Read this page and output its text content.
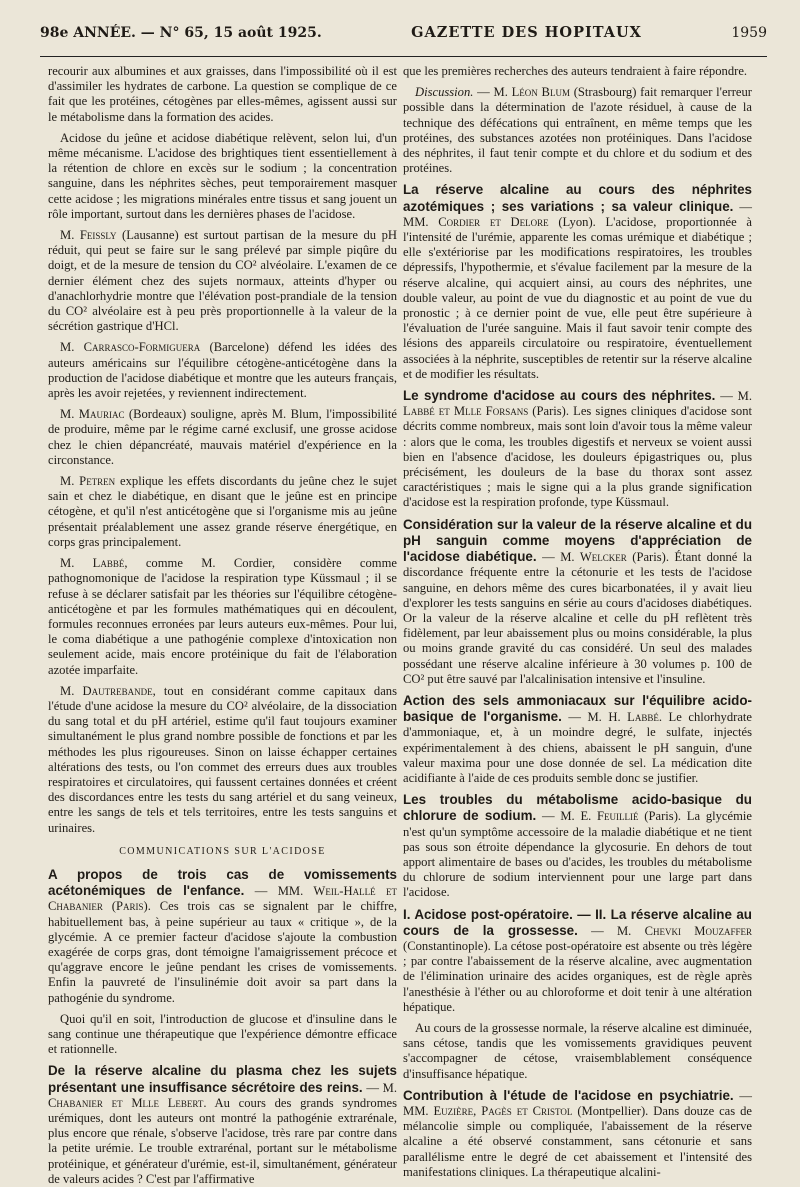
98e ANNÉE. — N° 65, 15 août 1925.	GAZETTE DES HOPITAUX	1959

recourir aux albumines et aux graisses, dans l'impossibilité où il est d'assimiler les hydrates de carbone. La question se complique de ce fait que les protéines, cétogènes par elles-mêmes, agissent aussi sur le métabolisme dans la formation des acides.

Acidose du jeûne et acidose diabétique relèvent, selon lui, d'un même mécanisme. L'acidose des brightiques tient essentiellement à la rétention de chlore en excès sur le sodium ; la concentration sanguine, dans les néphrites sèches, peut temporairement masquer cette acidose ; les migrations minérales entre tissus et sang jouent un rôle important, surtout dans les dernières phases de l'acidose.

M. Feissly (Lausanne) est surtout partisan de la mesure du pH réduit, qui peut se faire sur le sang prélevé par simple piqûre du doigt, et de la mesure de tension du CO² alvéolaire. L'examen de ce dernier élément chez des sujets normaux, atteints d'hyper ou d'anachlorhydrie montre que l'élévation post-prandiale de la tension du CO² alvéolaire est à peu près proportionnelle à la valeur de la sécrétion gastrique d'HCl.

M. Carrasco-Formiguera (Barcelone) défend les idées des auteurs américains sur l'équilibre cétogène-anticétogène dans la production de l'acidose diabétique et montre que les auteurs français, après les avoir rejetées, y reviennent indirectement.

M. Mauriac (Bordeaux) souligne, après M. Blum, l'impossibilité de produire, même par le régime carné exclusif, une grosse acidose chez le chien dépancréaté, mauvais matériel d'expérience en la circonstance.

M. Petren explique les effets discordants du jeûne chez le sujet sain et chez le diabétique, en disant que le jeûne est en principe cétogène, et qu'il n'est anticétogène que si l'organisme mis au jeûne présentait préalablement une assez grande réserve énergétique, en corps gras principalement.

M. Labbé, comme M. Cordier, considère comme pathognomonique de l'acidose la respiration type Küssmaul ; il se refuse à se déclarer satisfait par les théories sur l'équilibre cétogène-anticétogène et par les formules mathématiques qui en découlent, formules reconnues erronées par leurs auteurs eux-mêmes. Pour lui, le coma diabétique a une pathogénie complexe d'intoxication non seulement acide, mais encore protéinique du fait de l'élaboration azotée imparfaite.

M. Dautrebande, tout en considérant comme capitaux dans l'étude d'une acidose la mesure du CO² alvéolaire, de la dissociation du sang total et du pH artériel, estime qu'il faut toujours examiner simultanément le plus grand nombre possible de fonctions et par les méthodes les plus rigoureuses. Sinon on laisse échapper certaines altérations des tests, ou l'on commet des erreurs dues aux troubles respiratoires et circulatoires, qui faussent certaines données et créent des discordances entre les tests du sang artériel et du sang veineux, entre les sangs de tels et tels territoires, entre les tests sanguins et urinaires.

COMMUNICATIONS SUR L'ACIDOSE

A propos de trois cas de vomissements acétonémiques de l'enfance. — MM. Weil-Hallé et Chabanier (Paris). Ces trois cas se signalent par le chiffre, habituellement bas, à peine supérieur au taux « critique », de la glycémie. A ce premier facteur d'acidose s'ajoute la combustion exagérée de corps gras, dont témoigne l'amaigrissement précoce et qu'aggrave encore le jeûne pendant les crises de vomissements. Enfin la pauvreté de l'insulinémie doit avoir sa part dans la pathogénie du syndrome.

Quoi qu'il en soit, l'introduction de glucose et d'insuline dans le sang continue une thérapeutique que l'expérience démontre efficace et rationnelle.

De la réserve alcaline du plasma chez les sujets présentant une insuffisance sécrétoire des reins. — M. Chabanier et Mlle Lebert. Au cours des grands syndromes urémiques, dont les auteurs ont montré la pathogénie extrarénale, plus encore que rénale, s'observe l'acidose, très rare par contre dans la petite urémie. Le trouble extrarénal, portant sur le métabolisme protéinique, et générateur d'urémie, est-il, simultanément, générateur de valeurs acides ? C'est par l'affirmative

que les premières recherches des auteurs tendraient à faire répondre.

Discussion. — M. Léon Blum (Strasbourg) fait remarquer l'erreur possible dans la détermination de l'azote résiduel, à cause de la technique des défécations qui entraînent, en même temps que les protéines, des substances azotées non protéiniques. Dans l'acidose des néphrites, il faut tenir compte et du chlore et du sodium et des protéines.

La réserve alcaline au cours des néphrites azotémiques ; ses variations ; sa valeur clinique. — MM. Cordier et Delore (Lyon). L'acidose, proportionnée à l'intensité de l'urémie, apparente les comas urémique et diabétique ; elle s'extériorise par les modifications respiratoires, les troubles dépressifs, l'hypothermie, et s'évalue facilement par la mesure de la réserve alcaline, qui acquiert ainsi, au cours des néphrites, une double valeur, au point de vue du diagnostic et au point de vue du pronostic ; à ce dernier point de vue, elle peut être supérieure à l'évaluation de l'urée sanguine. Mais il faut savoir tenir compte des lésions des appareils circulatoire ou respiratoire, éventuellement associées à la néphrite, susceptibles de retentir sur la réserve alcaline et de modifier les résultats.

Le syndrome d'acidose au cours des néphrites. — M. Labbé et Mlle Forsans (Paris). Les signes cliniques d'acidose sont décrits comme nombreux, mais sont loin d'avoir tous la même valeur : alors que le coma, les troubles digestifs et nerveux se voient aussi bien en l'absence d'acidose, les douleurs épigastriques ou, plus précisément, les douleurs de la base du thorax sont assez caractéristiques ; mais le signe qui a la plus grande signification d'acidose est la respiration profonde, type Küssmaul.

Considération sur la valeur de la réserve alcaline et du pH sanguin comme moyens d'appréciation de l'acidose diabétique. — M. Welcker (Paris). Étant donné la discordance fréquente entre la cétonurie et les tests de l'acidose sanguine, en dehors même des cures bicarbonatées, il y avait lieu d'explorer les tests sanguins en série au cours d'acidoses diabétiques. Or la valeur de la réserve alcaline et celle du pH reflètent très fidèlement, par leur abaissement plus ou moins considérable, la plus ou moins grande gravité du cas considéré. Un seul des malades possédant une réserve alcaline inférieure à 30 volumes p. 100 de CO² put être sauvé par l'alcalinisation intensive et l'insuline.

Action des sels ammoniacaux sur l'équilibre acido-basique de l'organisme. — M. H. Labbé. Le chlorhydrate d'ammoniaque, et, à un moindre degré, le sulfate, injectés expérimentalement à des chiens, abaissent le pH sanguin, d'une valeur maxima pour une dose donnée de sel. La médication dite acidifiante à l'aide de ces produits semble donc se justifier.

Les troubles du métabolisme acido-basique du chlorure de sodium. — M. E. Feuillié (Paris). La glycémie n'est qu'un symptôme accessoire de la maladie diabétique et ne tient pas sous son étroite dépendance la glycosurie. En dehors de tout apport alimentaire de bases ou d'acides, les troubles du métabolisme du chlorure de sodium interviennent pour une large part dans l'acidose.

I. Acidose post-opératoire. — II. La réserve alcaline au cours de la grossesse. — M. Chevki Mouzaffer (Constantinople). La cétose post-opératoire est absente ou très légère ; par contre l'abaissement de la réserve alcaline, avec augmentation de l'élimination urinaire des acides organiques, est de règle après l'anesthésie à l'éther ou au chloroforme et doit tenir à une altération hépatique.

Au cours de la grossesse normale, la réserve alcaline est diminuée, sans cétose, tandis que les vomissements gravidiques peuvent s'accompagner de cétose, vraisemblablement conséquence d'insuffisance hépatique.

Contribution à l'étude de l'acidose en psychiatrie. — MM. Euzière, Pagès et Cristol (Montpellier). Dans douze cas de mélancolie simple ou compliquée, l'abaissement de la réserve alcaline a été observé constamment, sans cétonurie et sans parallélisme entre le degré de cet abaissement et l'intensité des manifestations cliniques. La thérapeutique alcalini-
